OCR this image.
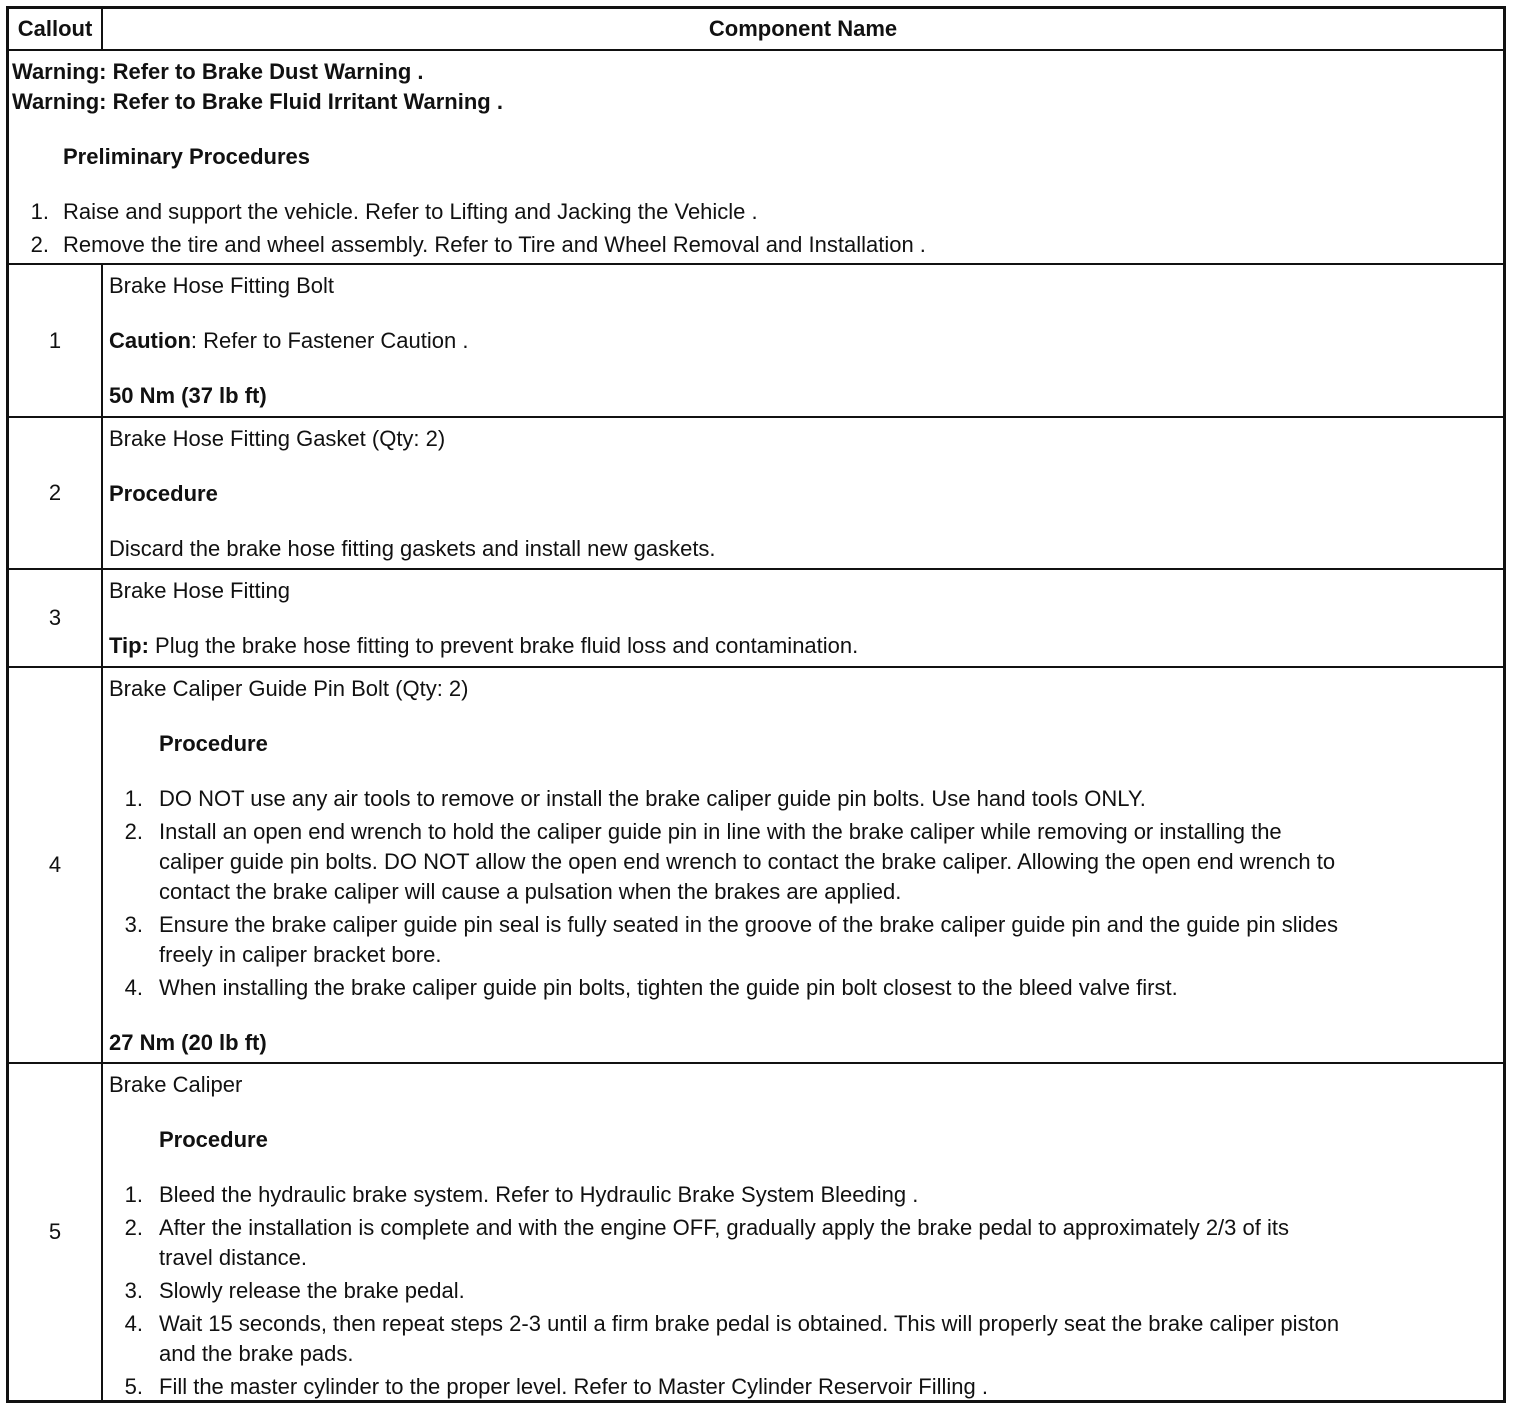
Callout	Component Name
Warning: Refer to Brake Dust Warning .
Warning: Refer to Brake Fluid Irritant Warning .
Preliminary Procedures
1. Raise and support the vehicle. Refer to Lifting and Jacking the Vehicle .
2. Remove the tire and wheel assembly. Refer to Tire and Wheel Removal and Installation .
1
Brake Hose Fitting Bolt
Caution: Refer to Fastener Caution .
50 Nm (37 lb ft)
2
Brake Hose Fitting Gasket (Qty: 2)
Procedure
Discard the brake hose fitting gaskets and install new gaskets.
3
Brake Hose Fitting
Tip: Plug the brake hose fitting to prevent brake fluid loss and contamination.
4
Brake Caliper Guide Pin Bolt (Qty: 2)
Procedure
1. DO NOT use any air tools to remove or install the brake caliper guide pin bolts. Use hand tools ONLY.
2. Install an open end wrench to hold the caliper guide pin in line with the brake caliper while removing or installing the
caliper guide pin bolts. DO NOT allow the open end wrench to contact the brake caliper. Allowing the open end wrench to
contact the brake caliper will cause a pulsation when the brakes are applied.
3. Ensure the brake caliper guide pin seal is fully seated in the groove of the brake caliper guide pin and the guide pin slides
freely in caliper bracket bore.
4. When installing the brake caliper guide pin bolts, tighten the guide pin bolt closest to the bleed valve first.
27 Nm (20 lb ft)
5
Brake Caliper
Procedure
1. Bleed the hydraulic brake system. Refer to Hydraulic Brake System Bleeding .
2. After the installation is complete and with the engine OFF, gradually apply the brake pedal to approximately 2/3 of its
travel distance.
3. Slowly release the brake pedal.
4. Wait 15 seconds, then repeat steps 2-3 until a firm brake pedal is obtained. This will properly seat the brake caliper piston
and the brake pads.
5. Fill the master cylinder to the proper level. Refer to Master Cylinder Reservoir Filling .
